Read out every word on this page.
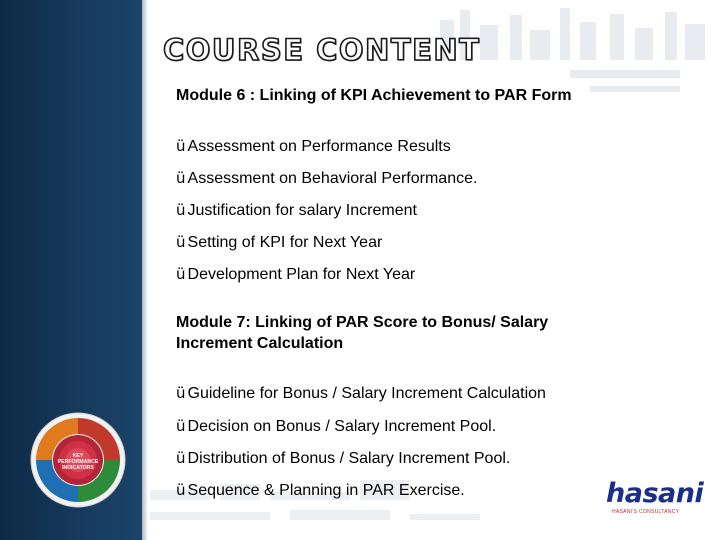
COURSE CONTENT
Module 6 : Linking of KPI Achievement to PAR Form
ü Assessment on Performance Results
ü Assessment on Behavioral Performance.
ü Justification for salary Increment
ü Setting of KPI for Next Year
ü Development Plan for Next Year
Module 7: Linking of PAR Score to Bonus/ Salary Increment Calculation
ü Guideline for Bonus / Salary Increment Calculation
ü Decision on Bonus / Salary Increment Pool.
ü Distribution of Bonus / Salary Increment Pool.
ü Sequence & Planning in PAR Exercise.
KEY
PERFORMANCE
INDICATORS
hasani
HASANI'S CONSULTANCY
